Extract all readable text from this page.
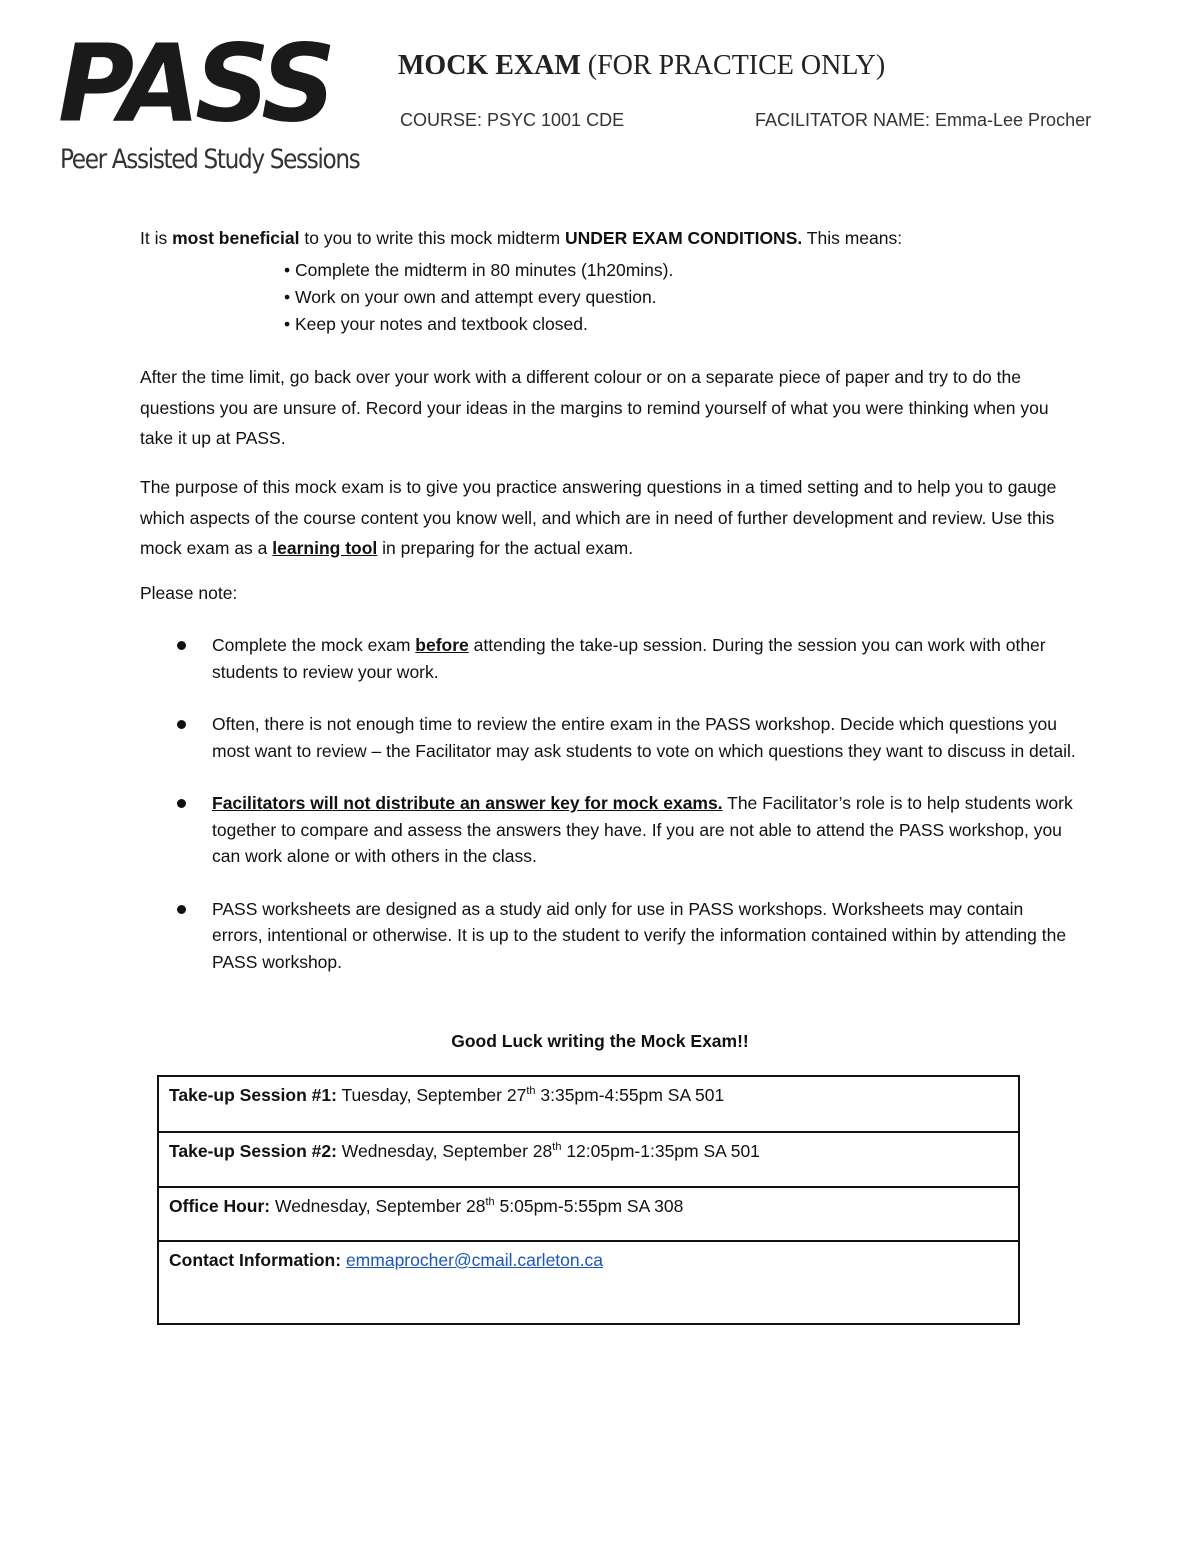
PASS
Peer Assisted Study Sessions
MOCK EXAM (FOR PRACTICE ONLY)
COURSE: PSYC 1001 CDE	FACILITATOR NAME: Emma-Lee Procher
It is most beneficial to you to write this mock midterm UNDER EXAM CONDITIONS. This means:
• Complete the midterm in 80 minutes (1h20mins).
• Work on your own and attempt every question.
• Keep your notes and textbook closed.
After the time limit, go back over your work with a different colour or on a separate piece of paper and try to do the questions you are unsure of. Record your ideas in the margins to remind yourself of what you were thinking when you take it up at PASS.
The purpose of this mock exam is to give you practice answering questions in a timed setting and to help you to gauge which aspects of the course content you know well, and which are in need of further development and review. Use this mock exam as a learning tool in preparing for the actual exam.
Please note:
Complete the mock exam before attending the take-up session. During the session you can work with other students to review your work.
Often, there is not enough time to review the entire exam in the PASS workshop. Decide which questions you most want to review – the Facilitator may ask students to vote on which questions they want to discuss in detail.
Facilitators will not distribute an answer key for mock exams. The Facilitator’s role is to help students work together to compare and assess the answers they have. If you are not able to attend the PASS workshop, you can work alone or with others in the class.
PASS worksheets are designed as a study aid only for use in PASS workshops. Worksheets may contain errors, intentional or otherwise. It is up to the student to verify the information contained within by attending the PASS workshop.
Good Luck writing the Mock Exam!!
Take-up Session #1: Tuesday, September 27th 3:35pm-4:55pm SA 501
Take-up Session #2: Wednesday, September 28th 12:05pm-1:35pm SA 501
Office Hour: Wednesday, September 28th 5:05pm-5:55pm SA 308
Contact Information: emmaprocher@cmail.carleton.ca
